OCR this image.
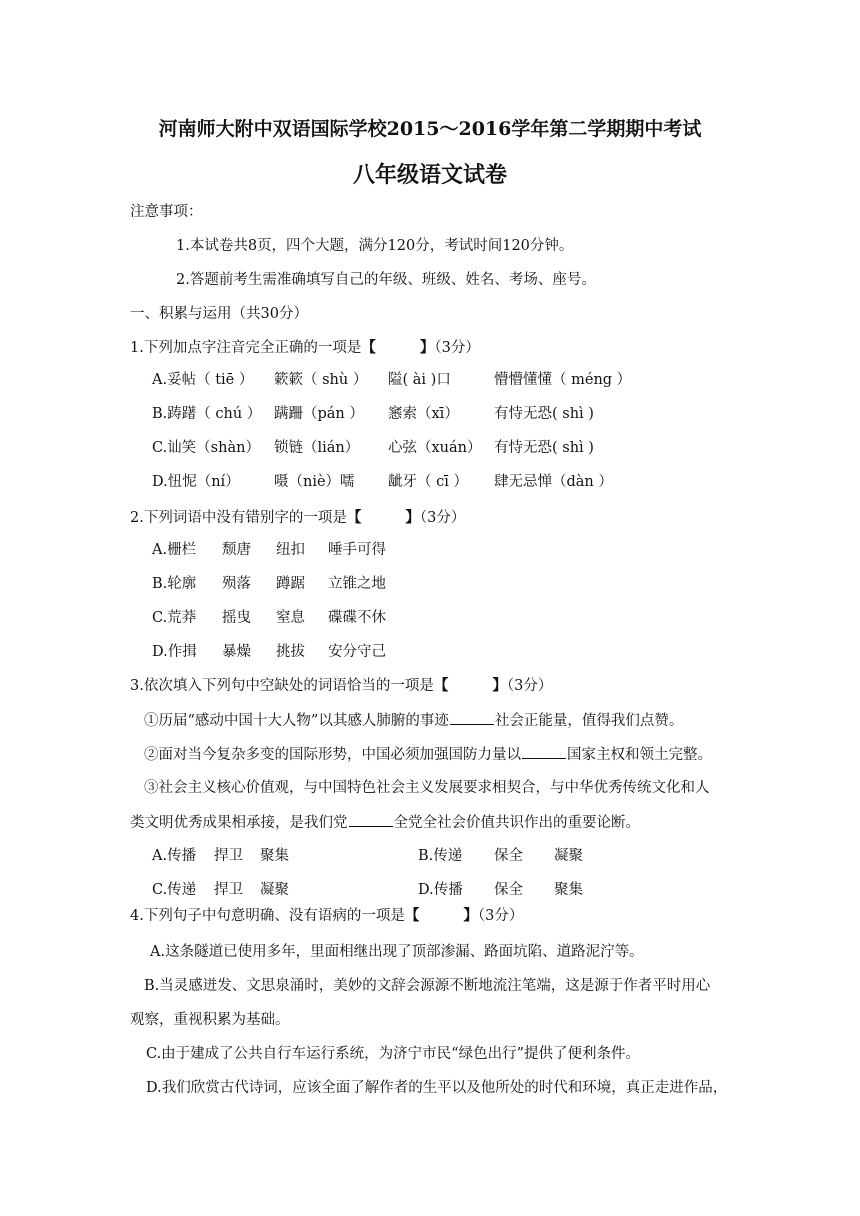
河南师大附中双语国际学校2015～2016学年第二学期期中考试
八年级语文试卷
注意事项：
1.本试卷共8页，四个大题，满分120分，考试时间120分钟。
2.答题前考生需准确填写自己的年级、班级、姓名、考场、座号。
一、积累与运用（共30分）
1.下列加点字注音完全正确的一项是【	】（3分）
A.妥帖（ tiē ） 簌簌（ shù ） 隘( ài )口	懵懵懂懂（ méng ）
B.踌躇（ chú ） 蹒跚（pán ） 窸索（xī） 有恃无恐( shì )
C.讪笑（shàn） 锁链（lián） 心弦（xuán） 有恃无恐( shì )
D.忸怩（ní） 嗫（niè）嚅 龇牙（ cī ） 肆无忌惮（dàn ）
2.下列词语中没有错别字的一项是【	】（3分）
A.栅栏 颓唐 纽扣 唾手可得
B.轮廓 殒落 蹲踞 立锥之地
C.荒莽 摇曳 窒息 碟碟不休
D.作揖 暴燥 挑拔 安分守己
3.依次填入下列句中空缺处的词语恰当的一项是【	】（3分）
①历届“感动中国十大人物”以其感人肺腑的事迹	社会正能量，值得我们点赞。
②面对当今复杂多变的国际形势，中国必须加强国防力量以	国家主权和领土完整。
③社会主义核心价值观，与中国特色社会主义发展要求相契合，与中华优秀传统文化和人
类文明优秀成果相承接，是我们党	全党全社会价值共识作出的重要论断。
A.传播 捍卫 聚集	B.传递 保全 凝聚
C.传递 捍卫 凝聚	D.传播 保全 聚集
4.下列句子中句意明确、没有语病的一项是【	】（3分）
A.这条隧道已使用多年，里面相继出现了顶部渗漏、路面坑陷、道路泥泞等。
B.当灵感迸发、文思泉涌时，美妙的文辞会源源不断地流注笔端，这是源于作者平时用心
观察，重视积累为基础。
C.由于建成了公共自行车运行系统，为济宁市民“绿色出行”提供了便利条件。
D.我们欣赏古代诗词，应该全面了解作者的生平以及他所处的时代和环境，真正走进作品，
